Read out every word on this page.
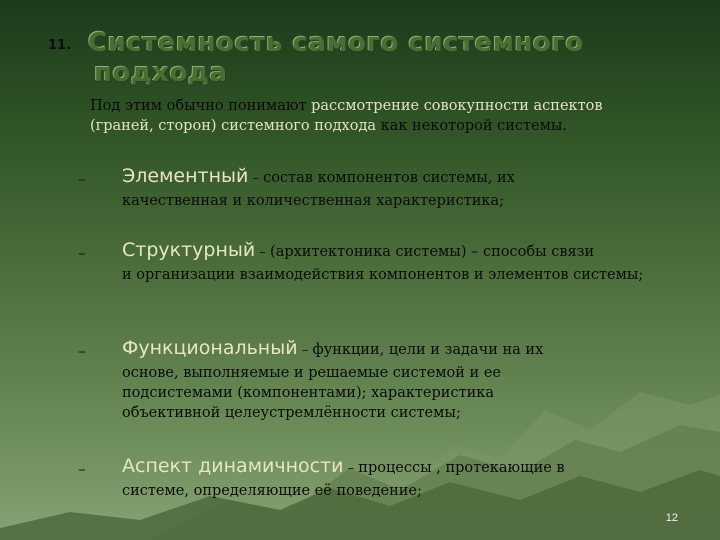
11. Системность самого системного
подхода
Под этим обычно понимают рассмотрение совокупности аспектов (граней, сторон) системного подхода как некоторой системы.
– Элементный – состав компонентов системы, их
качественная и количественная характеристика;
– Структурный – (архитектоника системы) – способы связи
и организации взаимодействия компонентов и элементов системы;
– Функциональный – функции, цели и задачи на их
основе, выполняемые и решаемые системой и ее подсистемами (компонентами); характеристика объективной целеустремлённости системы;
– Аспект динамичности – процессы , протекающие в
системе, определяющие её поведение;
12
